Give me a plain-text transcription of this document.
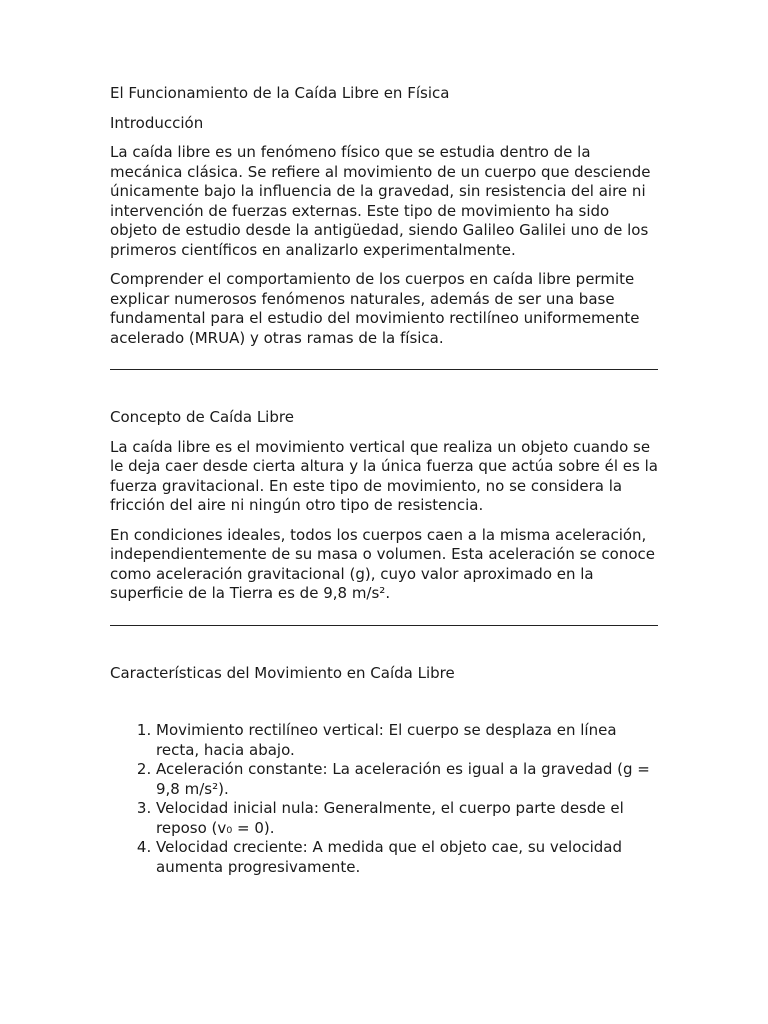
El Funcionamiento de la Caída Libre en Física

Introducción

La caída libre es un fenómeno físico que se estudia dentro de la mecánica clásica. Se refiere al movimiento de un cuerpo que desciende únicamente bajo la influencia de la gravedad, sin resistencia del aire ni intervención de fuerzas externas. Este tipo de movimiento ha sido objeto de estudio desde la antigüedad, siendo Galileo Galilei uno de los primeros científicos en analizarlo experimentalmente.

Comprender el comportamiento de los cuerpos en caída libre permite explicar numerosos fenómenos naturales, además de ser una base fundamental para el estudio del movimiento rectilíneo uniformemente acelerado (MRUA) y otras ramas de la física.

Concepto de Caída Libre

La caída libre es el movimiento vertical que realiza un objeto cuando se le deja caer desde cierta altura y la única fuerza que actúa sobre él es la fuerza gravitacional. En este tipo de movimiento, no se considera la fricción del aire ni ningún otro tipo de resistencia.

En condiciones ideales, todos los cuerpos caen a la misma aceleración, independientemente de su masa o volumen. Esta aceleración se conoce como aceleración gravitacional (g), cuyo valor aproximado en la superficie de la Tierra es de 9,8 m/s².

Características del Movimiento en Caída Libre

1. Movimiento rectilíneo vertical: El cuerpo se desplaza en línea recta, hacia abajo.
2. Aceleración constante: La aceleración es igual a la gravedad (g = 9,8 m/s²).
3. Velocidad inicial nula: Generalmente, el cuerpo parte desde el reposo (v₀ = 0).
4. Velocidad creciente: A medida que el objeto cae, su velocidad aumenta progresivamente.
